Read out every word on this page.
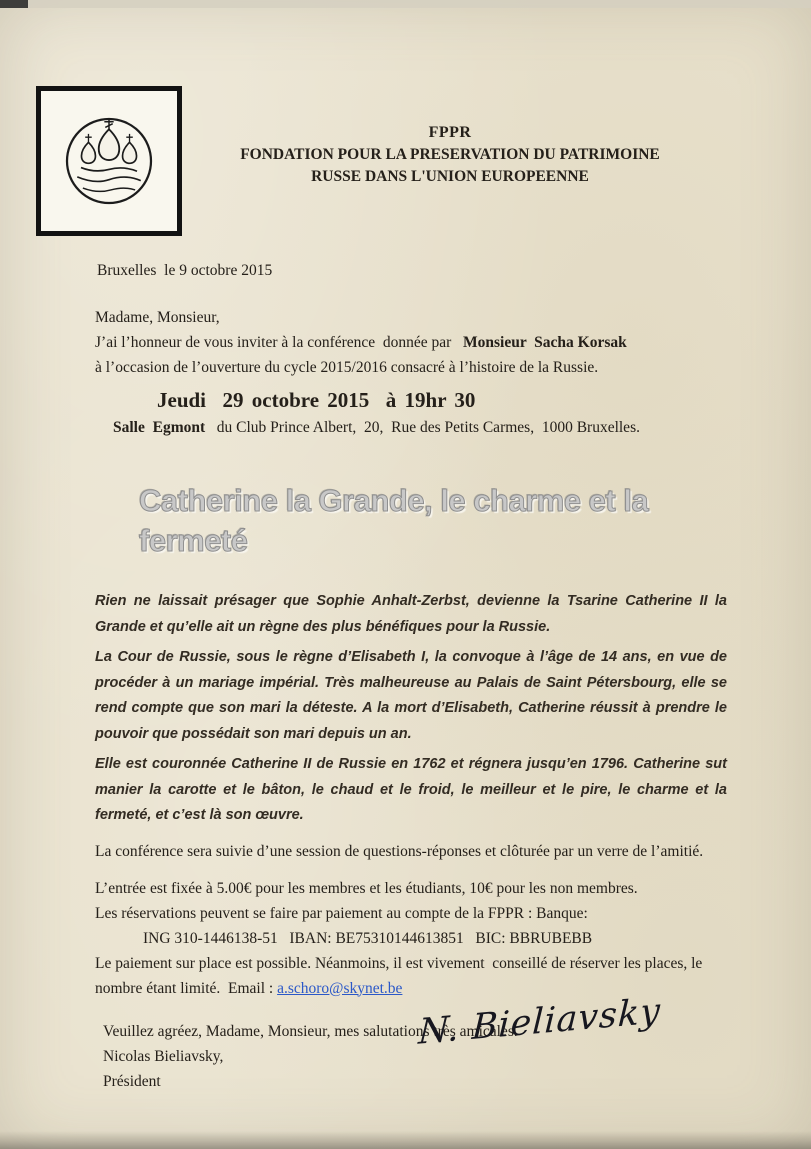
FPPR
FONDATION POUR LA PRESERVATION DU PATRIMOINE
RUSSE DANS L'UNION EUROPEENNE

Bruxelles  le 9 octobre 2015

Madame, Monsieur,

J’ai l’honneur de vous inviter à la conférence  donnée par   Monsieur  Sacha Korsak

à l’occasion de l’ouverture du cycle 2015/2016 consacré à l’histoire de la Russie.

Jeudi  29 octobre 2015  à 19hr 30

Salle  Egmont   du Club Prince Albert,  20,  Rue des Petits Carmes,  1000 Bruxelles.

Catherine la Grande, le charme et la fermeté

Rien ne laissait présager que Sophie Anhalt-Zerbst, devienne la Tsarine Catherine II la Grande et qu’elle ait un règne des plus bénéfiques pour la Russie.

La Cour de Russie, sous le règne d’Elisabeth I, la convoque à l’âge de 14 ans, en vue de procéder à un mariage impérial. Très malheureuse au Palais de Saint Pétersbourg, elle se rend compte que son mari la déteste. A la mort d’Elisabeth, Catherine réussit à prendre le pouvoir que possédait son mari depuis un an.

Elle est couronnée Catherine II de Russie en 1762 et régnera jusqu’en 1796. Catherine sut manier la carotte et le bâton, le chaud et le froid, le meilleur et le pire, le charme et la fermeté, et c’est là son œuvre.

La conférence sera suivie d’une session de questions-réponses et clôturée par un verre de l’amitié.

L’entrée est fixée à 5.00€ pour les membres et les étudiants, 10€ pour les non membres.

Les réservations peuvent se faire par paiement au compte de la FPPR : Banque:

ING 310-1446138-51   IBAN: BE75310144613851   BIC: BBRUBEBB

Le paiement sur place est possible. Néanmoins, il est vivement  conseillé de réserver les places, le nombre étant limité.  Email : a.schoro@skynet.be

Veuillez agréez, Madame, Monsieur, mes salutations très amicales.

Nicolas Bieliavsky,

Président

N. Bieliavsky
